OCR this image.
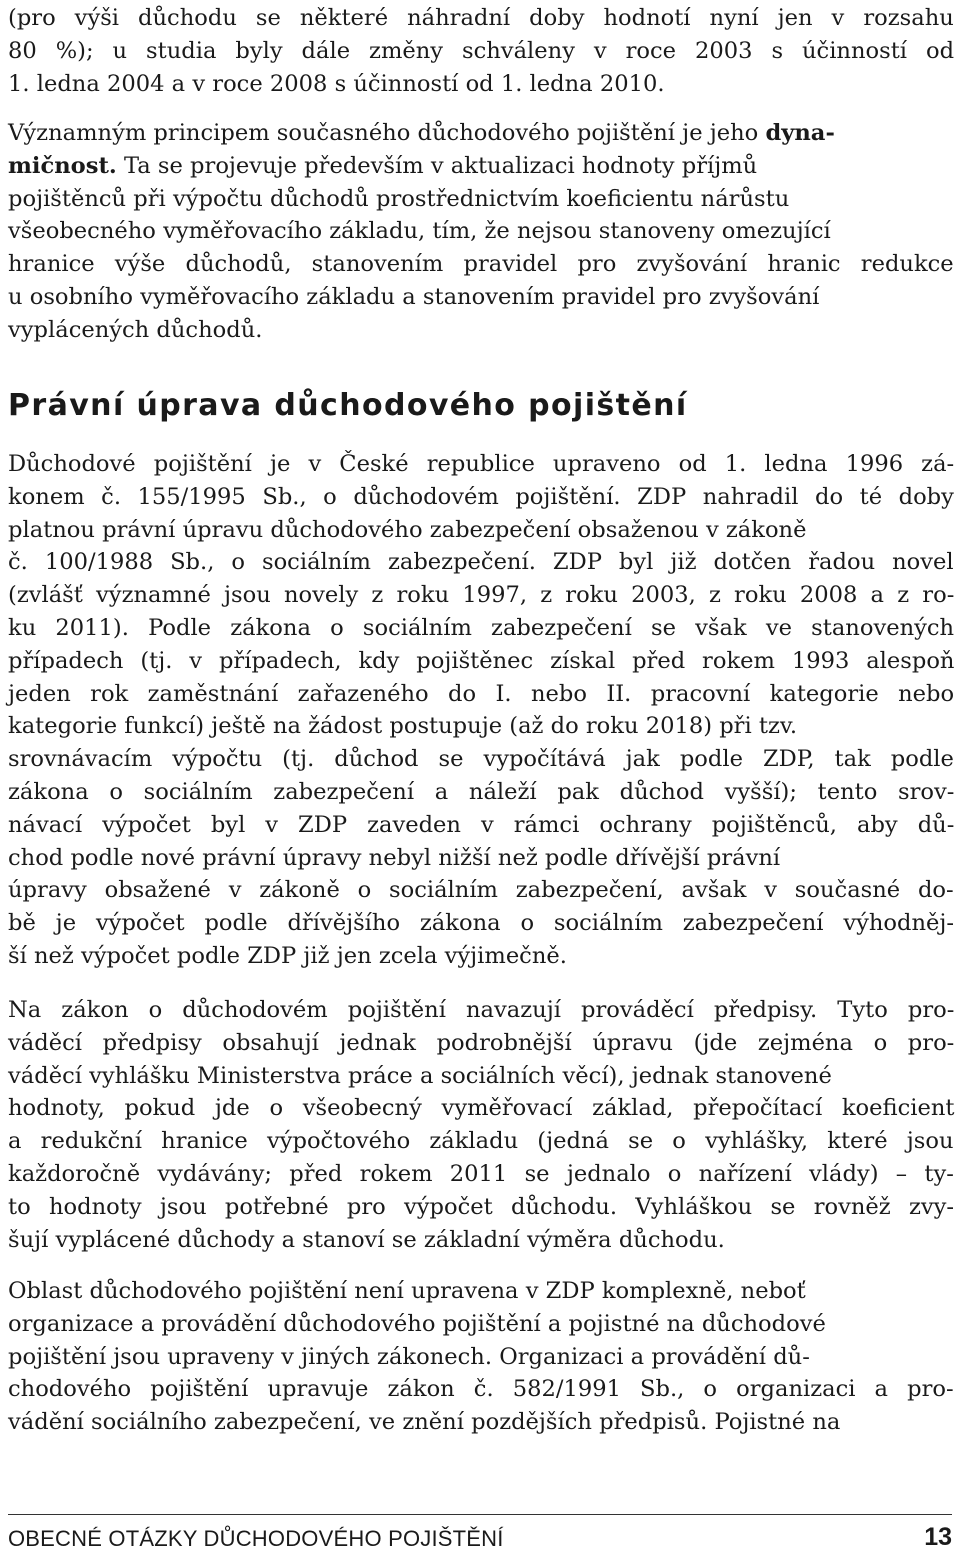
(pro výši důchodu se některé náhradní doby hodnotí nyní jen v rozsahu
80 %); u studia byly dále změny schváleny v roce 2003 s účinností od
1. ledna 2004 a v roce 2008 s účinností od 1. ledna 2010.

Významným principem současného důchodového pojištění je jeho dyna-
mičnost. Ta se projevuje především v aktualizaci hodnoty příjmů
pojištěnců při výpočtu důchodů prostřednictvím koeficientu nárůstu
všeobecného vyměřovacího základu, tím, že nejsou stanoveny omezující
hranice výše důchodů, stanovením pravidel pro zvyšování hranic redukce
u osobního vyměřovacího základu a stanovením pravidel pro zvyšování
vyplácených důchodů.

Právní úprava důchodového pojištění

Důchodové pojištění je v České republice upraveno od 1. ledna 1996 zá-
konem č. 155/1995 Sb., o důchodovém pojištění. ZDP nahradil do té doby
platnou právní úpravu důchodového zabezpečení obsaženou v zákoně
č. 100/1988 Sb., o sociálním zabezpečení. ZDP byl již dotčen řadou novel
(zvlášť významné jsou novely z roku 1997, z roku 2003, z roku 2008 a z ro-
ku 2011). Podle zákona o sociálním zabezpečení se však ve stanovených
případech (tj. v případech, kdy pojištěnec získal před rokem 1993 alespoň
jeden rok zaměstnání zařazeného do I. nebo II. pracovní kategorie nebo
kategorie funkcí) ještě na žádost postupuje (až do roku 2018) při tzv.
srovnávacím výpočtu (tj. důchod se vypočítává jak podle ZDP, tak podle
zákona o sociálním zabezpečení a náleží pak důchod vyšší); tento srov-
návací výpočet byl v ZDP zaveden v rámci ochrany pojištěnců, aby dů-
chod podle nové právní úpravy nebyl nižší než podle dřívější právní
úpravy obsažené v zákoně o sociálním zabezpečení, avšak v současné do-
bě je výpočet podle dřívějšího zákona o sociálním zabezpečení výhodněj-
ší než výpočet podle ZDP již jen zcela výjimečně.

Na zákon o důchodovém pojištění navazují prováděcí předpisy. Tyto pro-
váděcí předpisy obsahují jednak podrobnější úpravu (jde zejména o pro-
váděcí vyhlášku Ministerstva práce a sociálních věcí), jednak stanovené
hodnoty, pokud jde o všeobecný vyměřovací základ, přepočítací koeficient
a redukční hranice výpočtového základu (jedná se o vyhlášky, které jsou
každoročně vydávány; před rokem 2011 se jednalo o nařízení vlády) – ty-
to hodnoty jsou potřebné pro výpočet důchodu. Vyhláškou se rovněž zvy-
šují vyplácené důchody a stanoví se základní výměra důchodu.

Oblast důchodového pojištění není upravena v ZDP komplexně, neboť
organizace a provádění důchodového pojištění a pojistné na důchodové
pojištění jsou upraveny v jiných zákonech. Organizaci a provádění dů-
chodového pojištění upravuje zákon č. 582/1991 Sb., o organizaci a pro-
vádění sociálního zabezpečení, ve znění pozdějších předpisů. Pojistné na

OBECNÉ OTÁZKY DŮCHODOVÉHO POJIŠTĚNÍ	13
